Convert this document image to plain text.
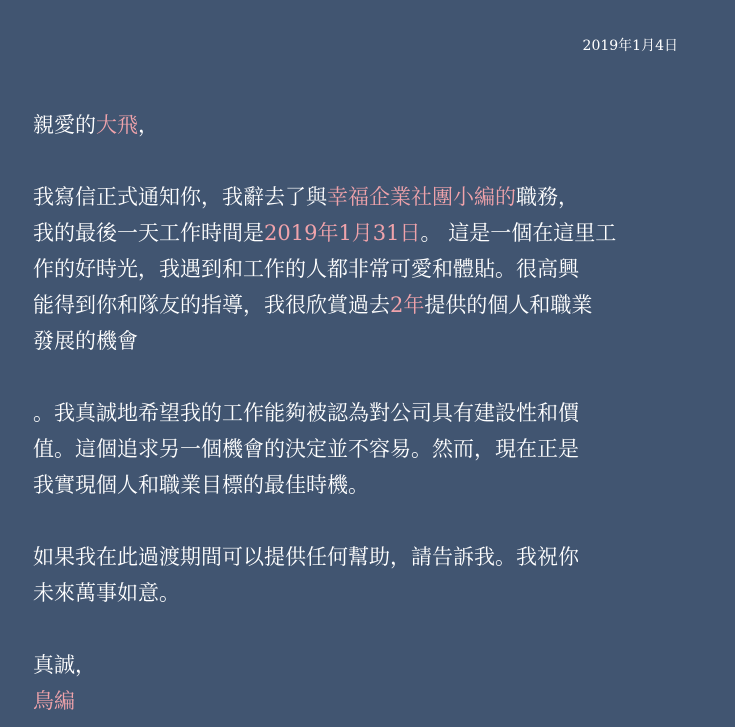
2019年1月4日

親愛的大飛，

我寫信正式通知你，我辭去了與幸福企業社團小編的職務，
我的最後一天工作時間是2019年1月31日。 這是一個在這里工
作的好時光，我遇到和工作的人都非常可愛和體貼。很高興
能得到你和隊友的指導，我很欣賞過去2年提供的個人和職業
發展的機會
。我真誠地希望我的工作能夠被認為對公司具有建設性和價
值。這個追求另一個機會的決定並不容易。然而，現在正是
我實現個人和職業目標的最佳時機。
如果我在此過渡期間可以提供任何幫助，請告訴我。我祝你
未來萬事如意。
真誠，
鳥編
